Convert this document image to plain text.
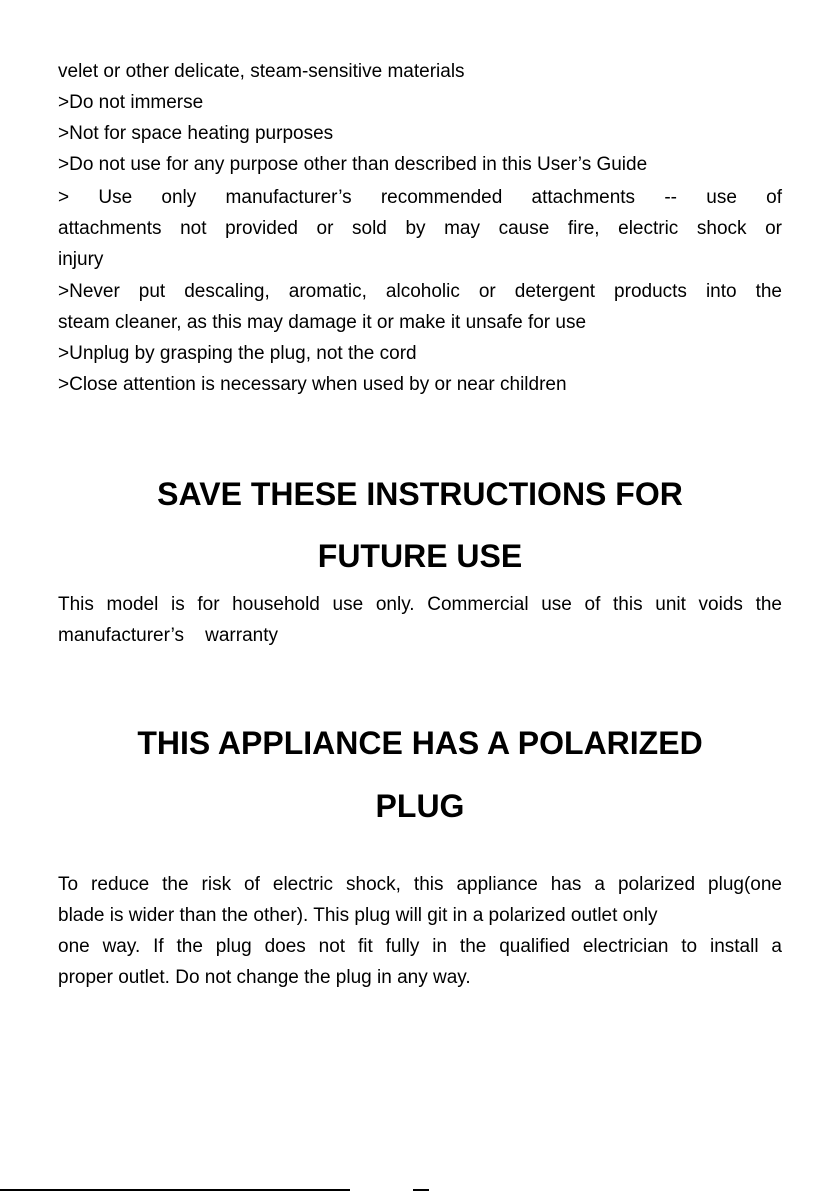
velet or other delicate, steam-sensitive materials
>Do not immerse
>Not for space heating purposes
>Do not use for any purpose other than described in this User’s Guide
> Use only manufacturer’s recommended attachments -- use of
attachments not provided or sold by may cause fire, electric shock or
injury
>Never put descaling, aromatic, alcoholic or detergent products into the
steam cleaner, as this may damage it or make it unsafe for use
>Unplug by grasping the plug, not the cord
>Close attention is necessary when used by or near children
SAVE THESE INSTRUCTIONS FOR
FUTURE USE
This model is for household use only. Commercial use of this unit voids the
manufacturer’s    warranty
THIS APPLIANCE HAS A POLARIZED
PLUG
To reduce the risk of electric shock, this appliance has a polarized plug(one
blade is wider than the other). This plug will git in a polarized outlet only
one way. If the plug does not fit fully in the qualified electrician to install a
proper outlet. Do not change the plug in any way.
